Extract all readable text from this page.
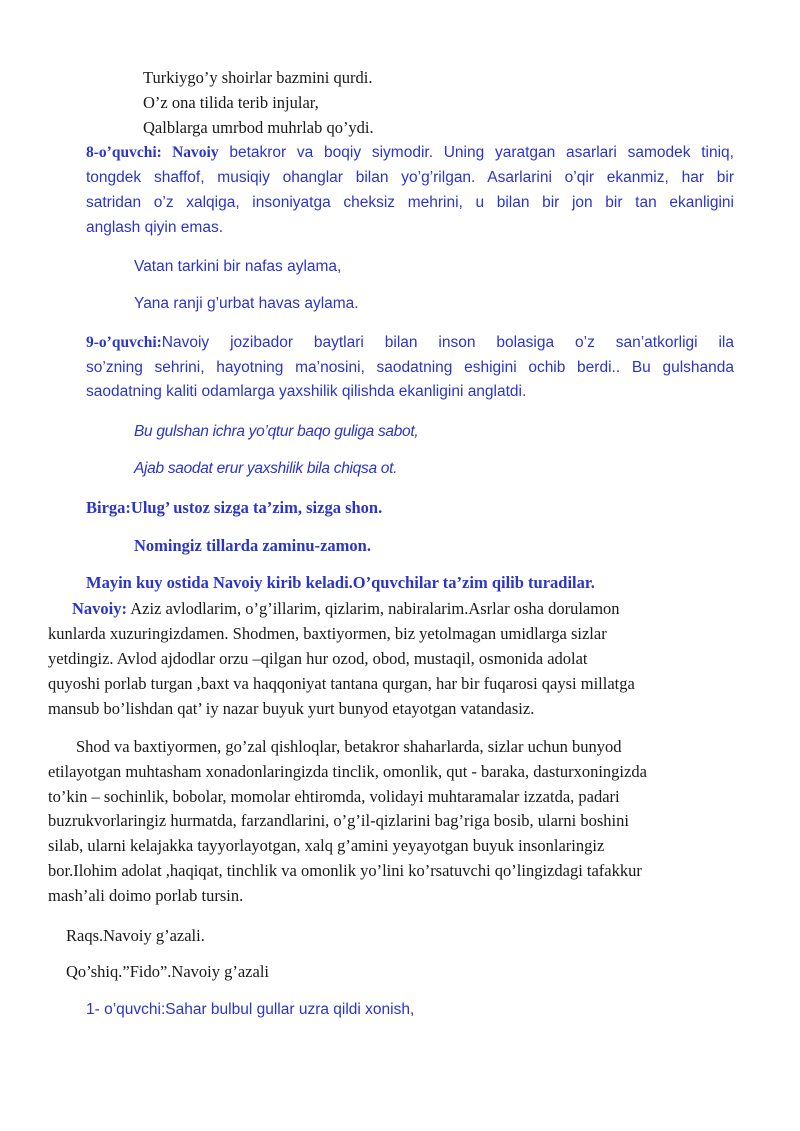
Turkiygo’y shoirlar bazmini qurdi.
O’z ona tilida terib injular,
Qalblarga umrbod muhrlab qo’ydi.
8-o’quvchi: Navoiy betakror va boqiy siymodir. Uning yaratgan asarlari samodek tiniq,
tongdek shaffof, musiqiy ohanglar bilan yo’g’rilgan. Asarlarini o’qir ekanmiz, har bir
satridan o’z xalqiga, insoniyatga cheksiz mehrini, u bilan bir jon bir tan ekanligini
anglash qiyin emas.
Vatan tarkini bir nafas aylama,
Yana ranji g’urbat havas aylama.
9-o’quvchi:Navoiy jozibador baytlari bilan inson bolasiga o’z san’atkorligi ila
so’zning sehrini, hayotning ma’nosini, saodatning eshigini ochib berdi.. Bu gulshanda
saodatning kaliti odamlarga yaxshilik qilishda ekanligini anglatdi.
Bu gulshan ichra yo’qtur baqo guliga sabot,
Ajab saodat erur yaxshilik bila chiqsa ot.
Birga:Ulug’ ustoz sizga ta’zim, sizga shon.
Nomingiz tillarda zaminu-zamon.
Mayin kuy ostida Navoiy kirib keladi.O’quvchilar ta’zim qilib turadilar.
Navoiy: Aziz avlodlarim, o’g’illarim, qizlarim, nabiralarim.Asrlar osha dorulamon
kunlarda xuzuringizdamen. Shodmen, baxtiyormen, biz yetolmagan umidlarga sizlar
yetdingiz. Avlod ajdodlar orzu –qilgan hur ozod, obod, mustaqil, osmonida adolat
quyoshi porlab turgan ,baxt va haqqoniyat tantana qurgan, har bir fuqarosi qaysi millatga
mansub bo’lishdan qat’ iy nazar buyuk yurt bunyod etayotgan vatandasiz.
Shod va baxtiyormen, go’zal qishloqlar, betakror shaharlarda, sizlar uchun bunyod
etilayotgan muhtasham xonadonlaringizda tinclik, omonlik, qut - baraka, dasturxoningizda
to’kin – sochinlik, bobolar, momolar ehtiromda, volidayi muhtaramalar izzatda, padari
buzrukvorlaringiz hurmatda, farzandlarini, o’g’il-qizlarini bag’riga bosib, ularni boshini
silab, ularni kelajakka tayyorlayotgan, xalq g’amini yeyayotgan buyuk insonlaringiz
bor.Ilohim adolat ,haqiqat, tinchlik va omonlik yo’lini ko’rsatuvchi qo’lingizdagi tafakkur
mash’ali doimo porlab tursin.
Raqs.Navoiy g’azali.
Qo’shiq.”Fido”.Navoiy g’azali
1- o’quvchi:Sahar bulbul gullar uzra qildi xonish,
